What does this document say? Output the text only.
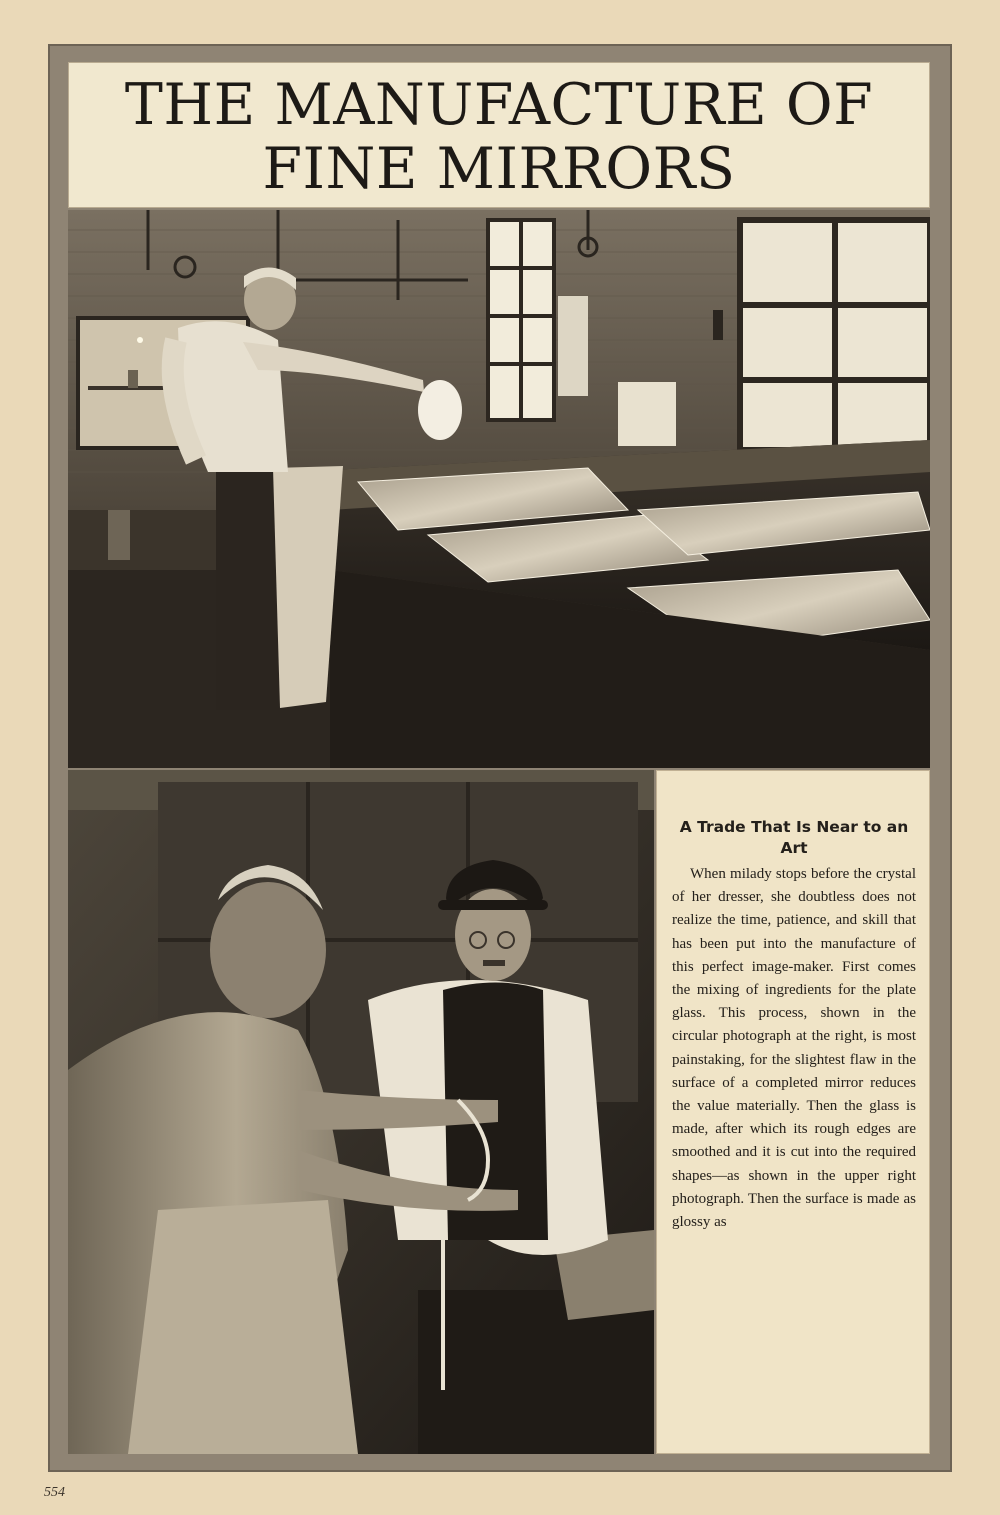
THE MANUFACTURE OF
FINE MIRRORS
A Trade That Is Near to an Art

When milady stops before the crystal of her dresser, she doubtless does not realize the time, patience, and skill that has been put into the manufacture of this perfect image-maker. First comes the mixing of ingredients for the plate glass. This process, shown in the circular photograph at the right, is most painstaking, for the slightest flaw in the surface of a completed mirror reduces the value materially. Then the glass is made, after which its rough edges are smoothed and it is cut into the required shapes—as shown in the upper right photograph. Then the surface is made as glossy as

554
